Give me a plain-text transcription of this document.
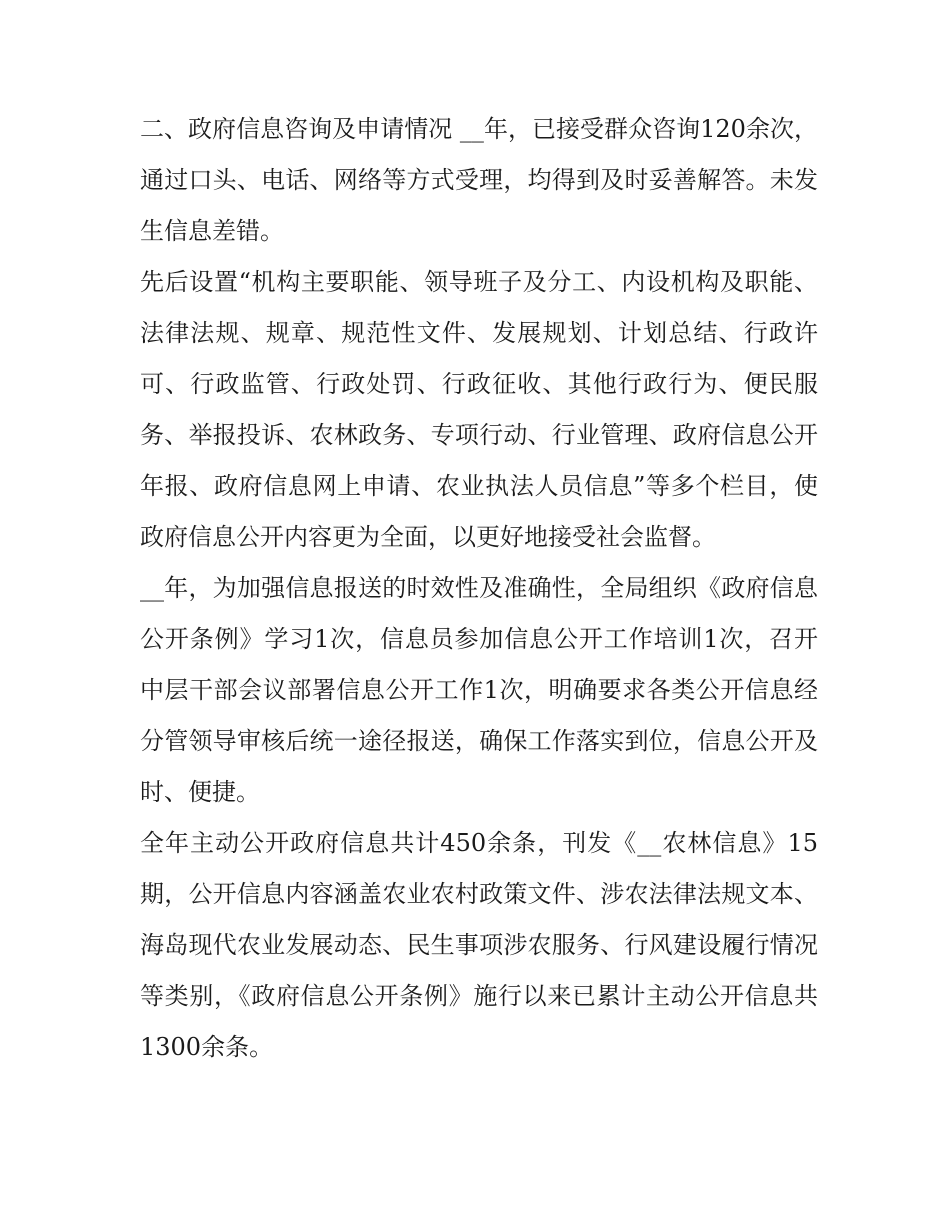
二、政府信息咨询及申请情况 __年，已接受群众咨询120余次，通过口头、电话、网络等方式受理，均得到及时妥善解答。未发生信息差错。

先后设置“机构主要职能、领导班子及分工、内设机构及职能、法律法规、规章、规范性文件、发展规划、计划总结、行政许可、行政监管、行政处罚、行政征收、其他行政行为、便民服务、举报投诉、农林政务、专项行动、行业管理、政府信息公开年报、政府信息网上申请、农业执法人员信息”等多个栏目，使政府信息公开内容更为全面，以更好地接受社会监督。

__年，为加强信息报送的时效性及准确性，全局组织《政府信息公开条例》学习1次，信息员参加信息公开工作培训1次，召开中层干部会议部署信息公开工作1次，明确要求各类公开信息经分管领导审核后统一途径报送，确保工作落实到位，信息公开及时、便捷。

全年主动公开政府信息共计450余条，刊发《__农林信息》15期，公开信息内容涵盖农业农村政策文件、涉农法律法规文本、海岛现代农业发展动态、民生事项涉农服务、行风建设履行情况等类别，《政府信息公开条例》施行以来已累计主动公开信息共1300余条。
